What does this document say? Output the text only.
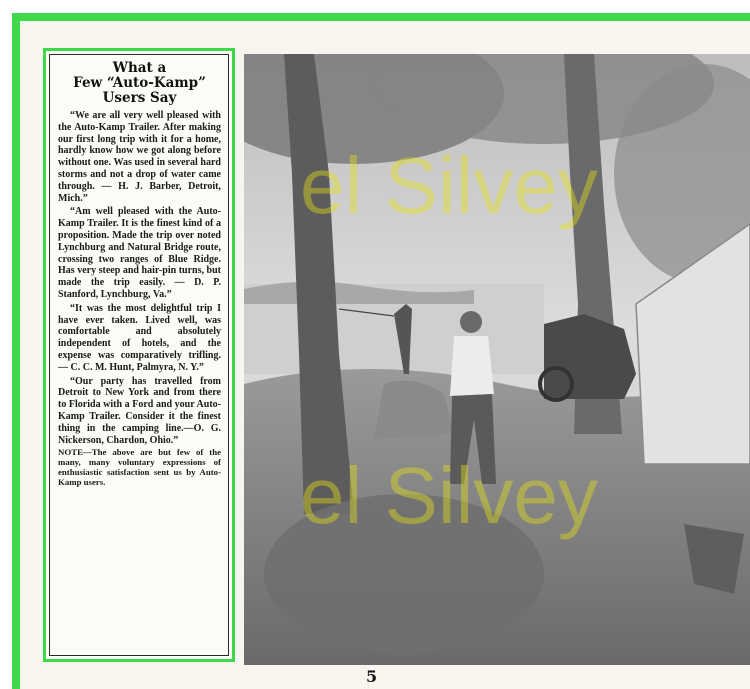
What a
Few “Auto-Kamp”
Users Say

“We are all very well pleased with the Auto-Kamp Trailer. After making our first long trip with it for a home, hardly know how we got along before without one. Was used in several hard storms and not a drop of water came through. — H. J. Barber, Detroit, Mich.”

“Am well pleased with the Auto-Kamp Trailer. It is the finest kind of a proposition. Made the trip over noted Lynchburg and Natural Bridge route, crossing two ranges of Blue Ridge. Has very steep and hair-pin turns, but made the trip easily. — D. P. Stanford, Lynchburg, Va.”

“It was the most delightful trip I have ever taken. Lived well, was comfortable and absolutely independent of hotels, and the expense was comparatively trifling. — C. C. M. Hunt, Palmyra, N. Y.”

“Our party has travelled from Detroit to New York and from there to Florida with a Ford and your Auto-Kamp Trailer. Consider it the finest thing in the camping line.—O. G. Nickerson, Chardon, Ohio.”

NOTE—The above are but few of the many, many voluntary expressions of enthusiastic satisfaction sent us by Auto-Kamp users.

el Silvey
el Silvey
5
